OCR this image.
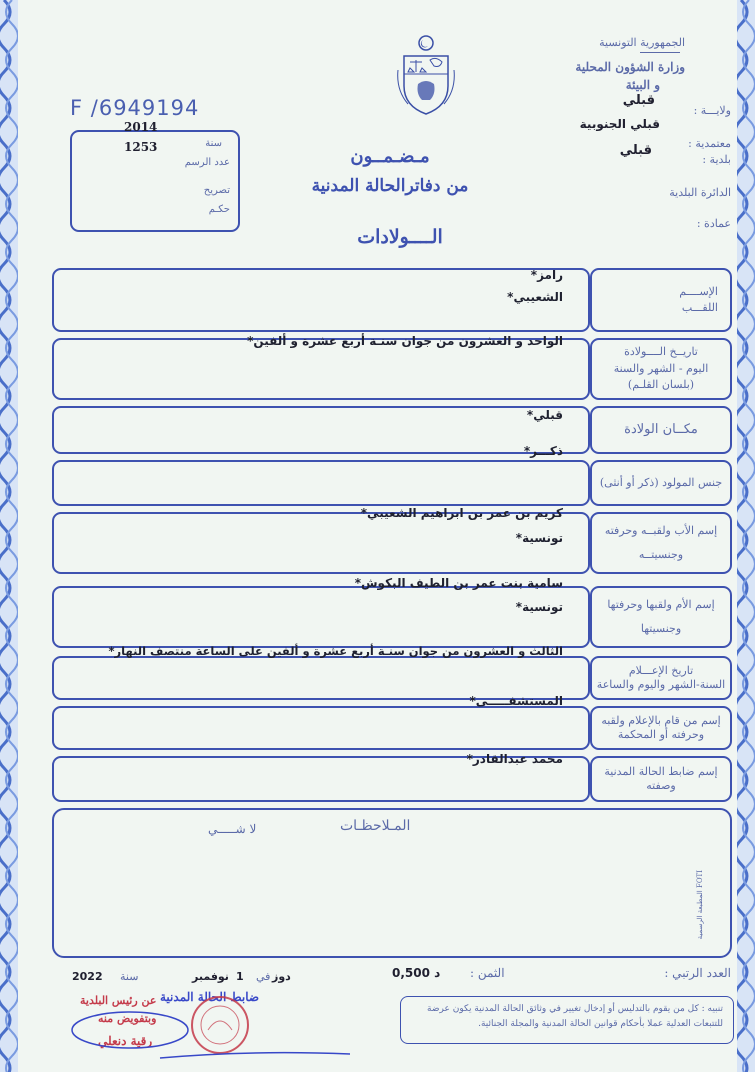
الجمهورية التونسية
وزارة الشؤون المحلية
و البيئة
ولايـــة :
قبلي
معتمدية :
قبلي الجنوبية
بلدية :
قبلي
الدائرة البلدية
عمادة :
F /6949194
2014
سنة
1253
عدد الرسم
تصريح
حكـم
مـضـمــون
من دفاترالحالة المدنية
الــــولادات
الإســــم
اللقـــب
رامز*
الشعيبي*
تاريــخ الــــولادة
اليوم - الشهر والسنة
(بلسان القلـم)
الواحد و العشرون من جوان سنـة أربع عشرة و ألفين*
مكــان الولادة
قبلي*
جنس المولود (ذكر أو أنثى)
ذكـــر*
إسم الأب ولقبــه وحرفته
وجنسيتــه
كريم بن عمر بن ابراهيم الشعيبي*
تونسية*
إسم الأم ولقبها وحرفتها
وجنسيتها
سامية بنت عمر بن الطيف البكوش*
تونسية*
تاريخ الإعـــلام
السنة-الشهر واليوم والساعة
الثالث و العشرون من جوان سنـة أربع عشرة و ألفين على الساعة منتصف النهار*
إسم من قام بالإعلام ولقبه
وحرفته أو المحكمة
المستشفـــــى*
إسم ضابط الحالة المدنية
وصفته
محمد عبدالقادر*
المـلاحظـات
لا شـــــي
المطبعة الرسمية FOTI
العدد الرتبي :
الثمن :
0,500 د
2022 سنة	نوفمبر 1 في دوز
ضابط الحالة المدنية
عن رئيس البلدية
وبتفويض منه
رقية دنعلي
تنبيه : كل من يقوم بالتدليس أو إدخال تغيير في وثائق الحالة المدنية يكون عرضة للتتبعات العدلية عملا بأحكام قوانين الحالة المدنية والمجلة الجنائية.
